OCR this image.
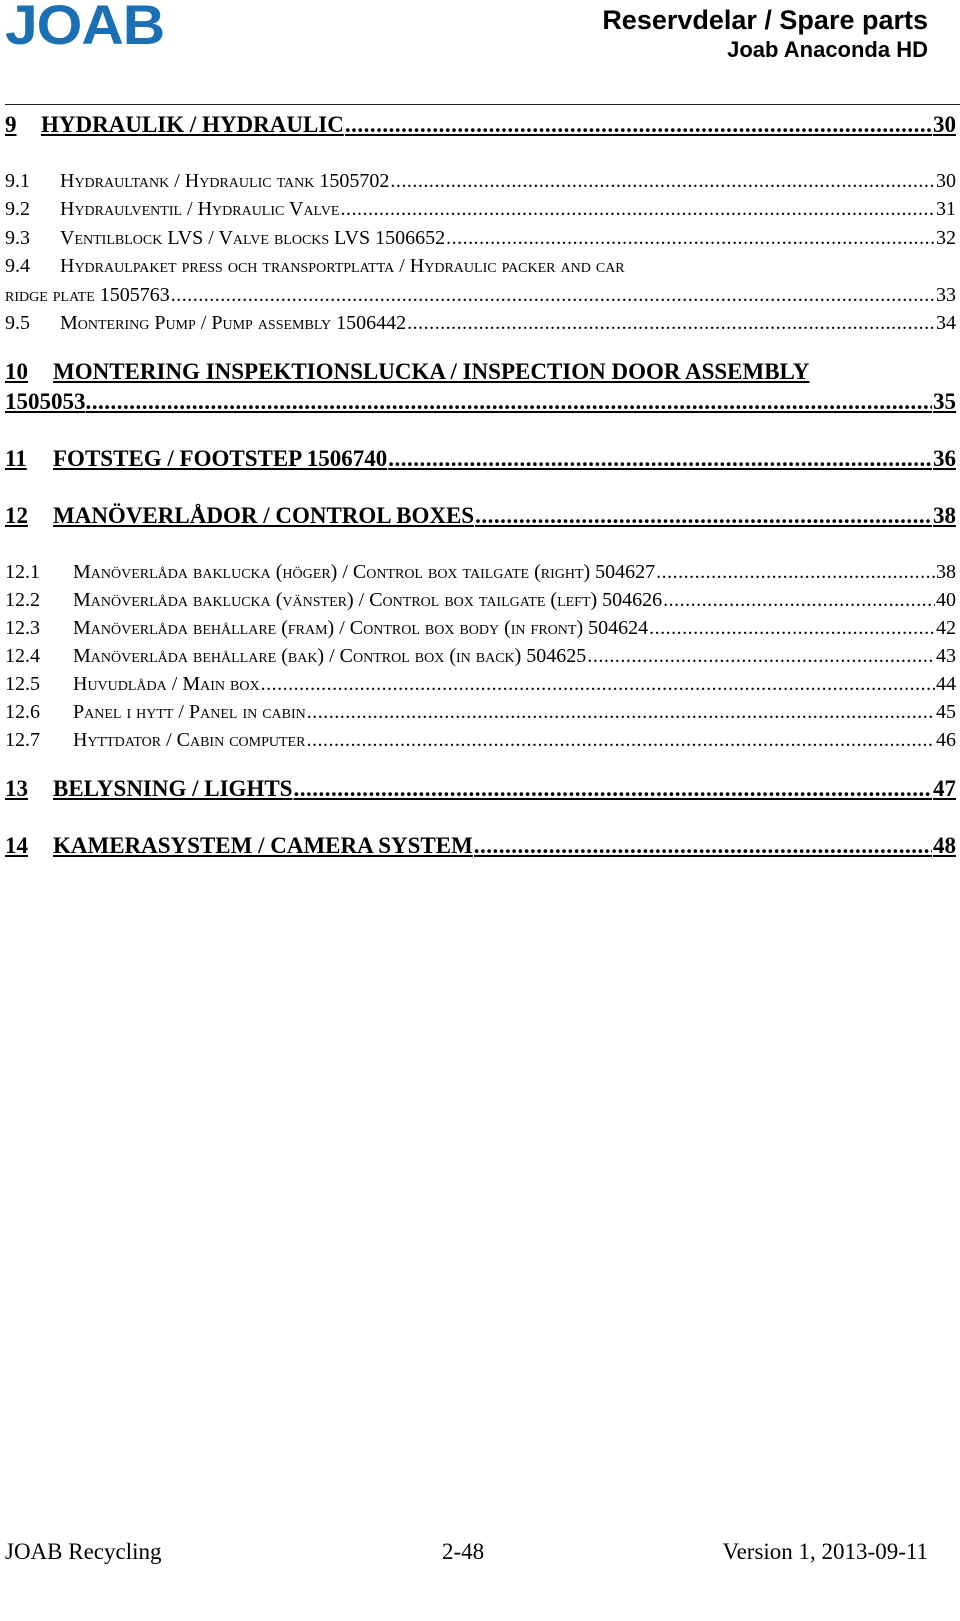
JOAB	Reservdelar / Spare parts
Joab Anaconda HD
9	HYDRAULIK / HYDRAULIC .....	30
9.1	Hydraultank / Hydraulic tank 1505702 .....	30
9.2	Hydraulventil / Hydraulic Valve .....	31
9.3	Ventilblock LVS / Valve blocks LVS 1506652 .....	32
9.4	Hydraulpaket press och transportplatta / Hydraulic packer and car
ridge plate 1505763 .....	33
9.5	Montering Pump / Pump assembly 1506442 .....	34
10	MONTERING INSPEKTIONSLUCKA / INSPECTION DOOR ASSEMBLY
1505053 .....	35
11	FOTSTEG / FOOTSTEP 1506740 .....	36
12	MANÖVERLÅDOR / CONTROL BOXES .....	38
12.1	Manöverlåda baklucka (höger) / Control box tailgate (right) 504627 .....	38
12.2	Manöverlåda baklucka (vänster) / Control box tailgate (left) 504626 .....	40
12.3	Manöverlåda behållare (fram) / Control box body (in front) 504624 .....	42
12.4	Manöverlåda behållare (bak) / Control box (in back) 504625 .....	43
12.5	Huvudlåda / Main box .....	44
12.6	Panel i hytt / Panel in cabin .....	45
12.7	Hyttdator / Cabin computer .....	46
13	BELYSNING / LIGHTS .....	47
14	KAMERASYSTEM / CAMERA SYSTEM .....	48
JOAB Recycling	2-48	Version 1, 2013-09-11
